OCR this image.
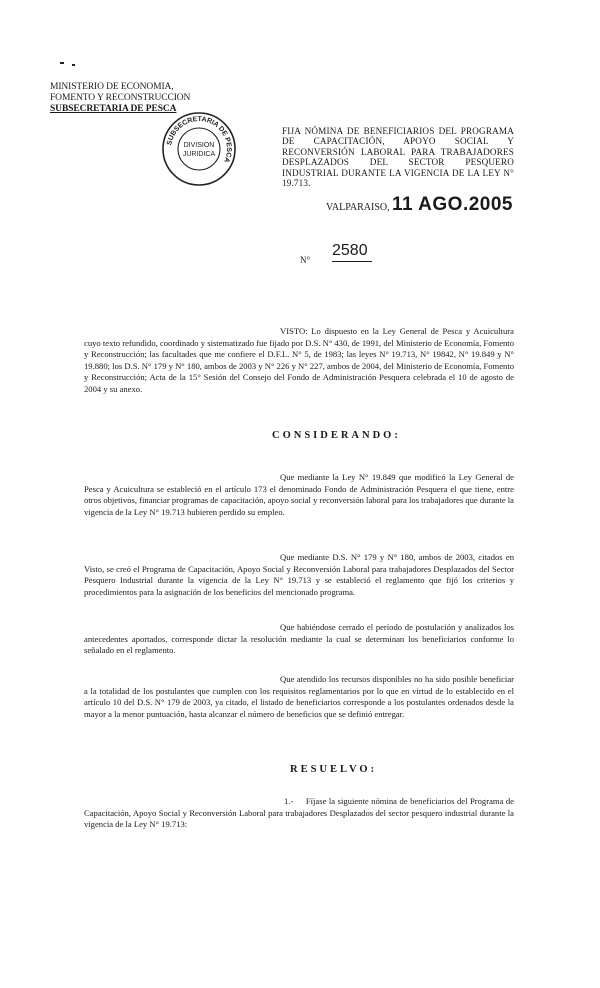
MINISTERIO DE ECONOMIA,
FOMENTO Y RECONSTRUCCION
SUBSECRETARIA DE PESCA
SUBSECRETARIA DE PESCA
DIVISION
JURIDICA
FIJA NÓMINA DE BENEFICIARIOS DEL PROGRAMA DE CAPACITACIÓN, APOYO SOCIAL Y RECONVERSIÓN LABORAL PARA TRABAJADORES DESPLAZADOS DEL SECTOR PESQUERO INDUSTRIAL DURANTE LA VIGENCIA DE LA LEY N° 19.713.
VALPARAISO, 11 AGO.2005
N°
2580
VISTO: Lo dispuesto en la Ley General de Pesca y Acuicultura cuyo texto refundido, coordinado y sistematizado fue fijado por D.S. N° 430, de 1991, del Ministerio de Economía, Fomento y Reconstrucción; las facultades que me confiere el D.F.L. N° 5, de 1983; las leyes N° 19.713, N° 19842, N° 19.849 y N° 19.880; los D.S. N° 179 y N° 180, ambos de 2003 y N° 226 y N° 227, ambos de 2004, del Ministerio de Economía, Fomento y Reconstrucción; Acta de la 15° Sesión del Consejo del Fondo de Administración Pesquera celebrada el 10 de agosto de 2004 y su anexo.
CONSIDERANDO:
Que mediante la Ley N° 19.849 que modificó la Ley General de Pesca y Acuicultura se estableció en el artículo 173 el denominado Fondo de Administración Pesquera el que tiene, entre otros objetivos, financiar programas de capacitación, apoyo social y reconversión laboral para los trabajadores que durante la vigencia de la Ley N° 19.713 hubieren perdido su empleo.
Que mediante D.S. N° 179 y N° 180, ambos de 2003, citados en Visto, se creó el Programa de Capacitación, Apoyo Social y Reconversión Laboral para trabajadores Desplazados del Sector Pesquero Industrial durante la vigencia de la Ley N° 19.713 y se estableció el reglamento que fijó los criterios y procedimientos para la asignación de los beneficios del mencionado programa.
Que habiéndose cerrado el período de postulación y analizados los antecedentes aportados, corresponde dictar la resolución mediante la cual se determinan los beneficiarios conforme lo señalado en el reglamento.
Que atendido los recursos disponibles no ha sido posible beneficiar a la totalidad de los postulantes que cumplen con los requisitos reglamentarios por lo que en virtud de lo establecido en el artículo 10 del D.S. N° 179 de 2003, ya citado, el listado de beneficiarios corresponde a los postulantes ordenados desde la mayor a la menor puntuación, hasta alcanzar el número de beneficios que se definió entregar.
RESUELVO:
1.- Fíjase la siguiente nómina de beneficiarios del Programa de Capacitación, Apoyo Social y Reconversión Laboral para trabajadores Desplazados del sector pesquero industrial durante la vigencia de la Ley N° 19.713:
